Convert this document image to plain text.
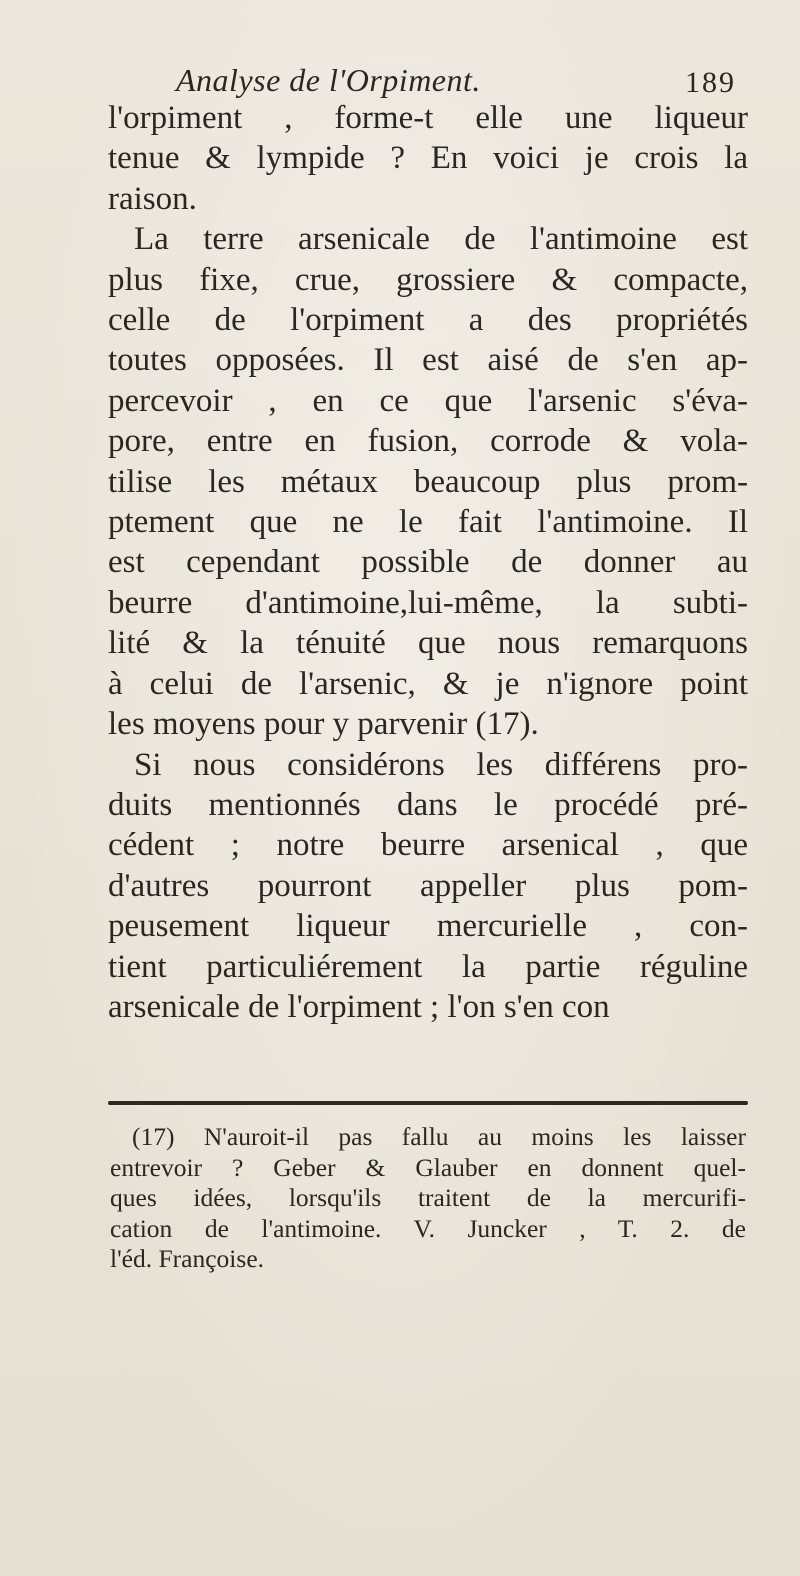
Analyse de l'Orpiment.	189
l'orpiment , forme-t elle une liqueur
tenue & lympide ? En voici je crois la
raison.
La terre arsenicale de l'antimoine est
plus fixe, crue, grossiere & compacte,
celle de l'orpiment a des propriétés
toutes opposées. Il est aisé de s'en ap-
percevoir , en ce que l'arsenic s'éva-
pore, entre en fusion, corrode & vola-
tilise les métaux beaucoup plus prom-
ptement que ne le fait l'antimoine. Il
est cependant possible de donner au
beurre d'antimoine,lui-même, la subti-
lité & la ténuité que nous remarquons
à celui de l'arsenic, & je n'ignore point
les moyens pour y parvenir (17).
Si nous considérons les différens pro-
duits mentionnés dans le procédé pré-
cédent ; notre beurre arsenical , que
d'autres pourront appeller plus pom-
peusement liqueur mercurielle , con-
tient particuliérement la partie réguline
arsenicale de l'orpiment ; l'on s'en con
(17) N'auroit-il pas fallu au moins les laisser
entrevoir ? Geber & Glauber en donnent quel-
ques idées, lorsqu'ils traitent de la mercurifi-
cation de l'antimoine. V. Juncker , T. 2. de
l'éd. Françoise.
